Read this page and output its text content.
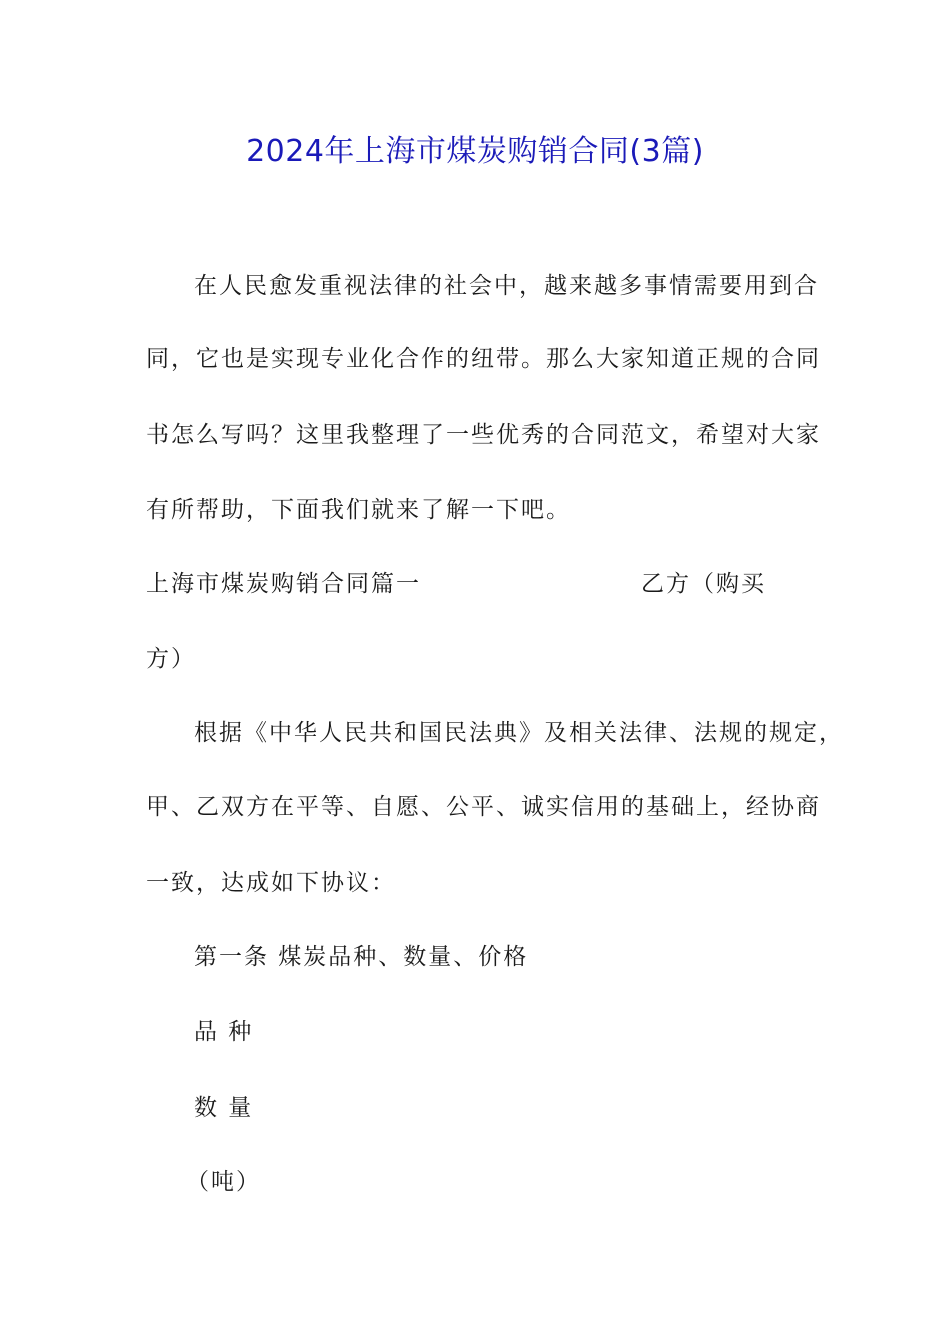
2024年上海市煤炭购销合同(3篇)
在人民愈发重视法律的社会中，越来越多事情需要用到合
同，它也是实现专业化合作的纽带。那么大家知道正规的合同
书怎么写吗？这里我整理了一些优秀的合同范文，希望对大家
有所帮助，下面我们就来了解一下吧。
上海市煤炭购销合同篇一	乙方（购买
方）
根据《中华人民共和国民法典》及相关法律、法规的规定，
甲、乙双方在平等、自愿、公平、诚实信用的基础上，经协商
一致，达成如下协议：
第一条 煤炭品种、数量、价格
品 种
数 量
（吨）
